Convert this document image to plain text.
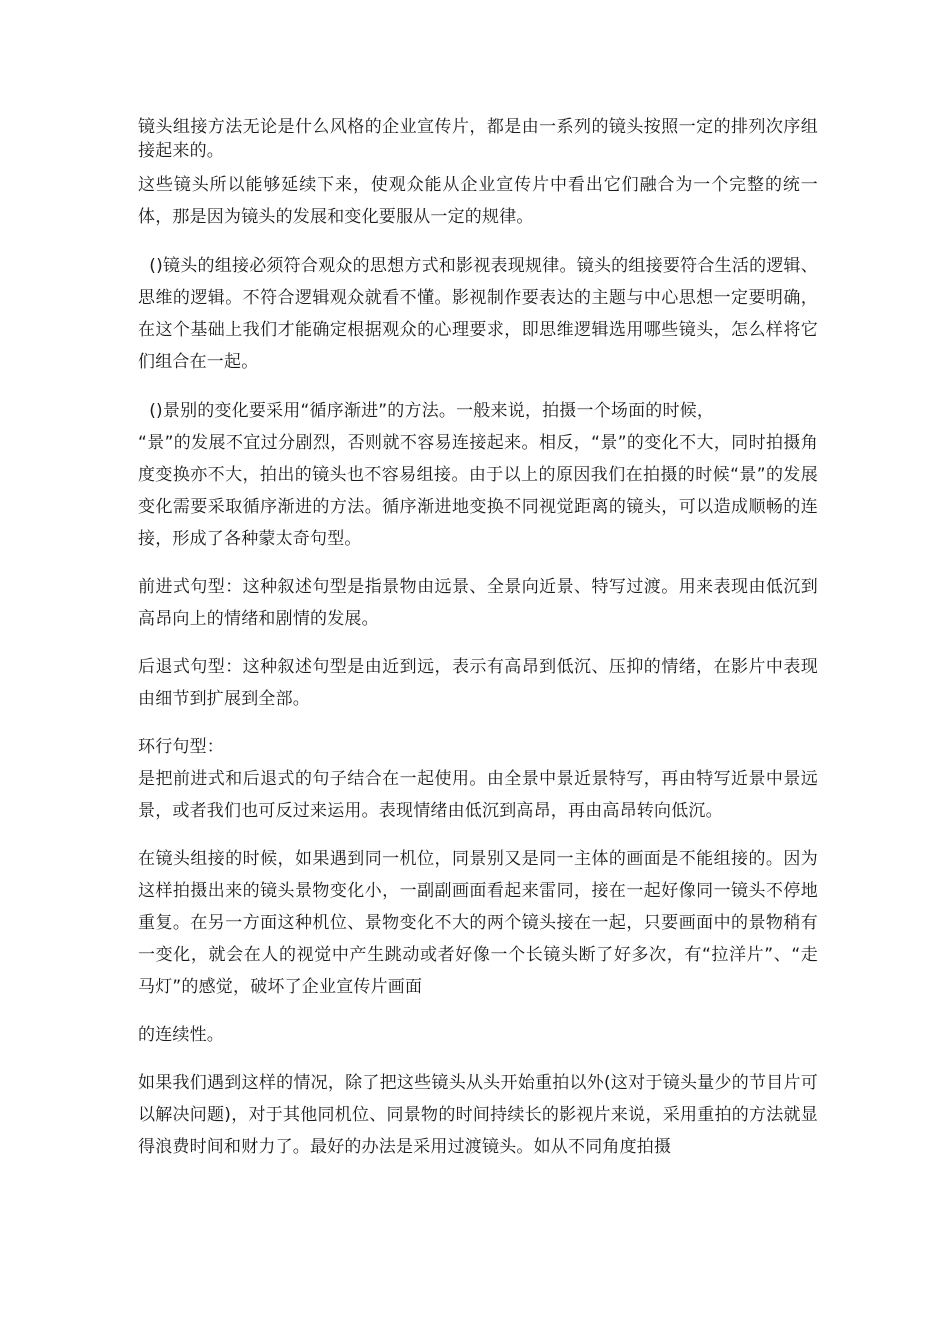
镜头组接方法无论是什么风格的企业宣传片，都是由一系列的镜头按照一定的排列次序组接起来的。

这些镜头所以能够延续下来，使观众能从企业宣传片中看出它们融合为一个完整的统一体，那是因为镜头的发展和变化要服从一定的规律。

()镜头的组接必须符合观众的思想方式和影视表现规律。镜头的组接要符合生活的逻辑、思维的逻辑。不符合逻辑观众就看不懂。影视制作要表达的主题与中心思想一定要明确，在这个基础上我们才能确定根据观众的心理要求，即思维逻辑选用哪些镜头，怎么样将它们组合在一起。

()景别的变化要采用“循序渐进”的方法。一般来说，拍摄一个场面的时候，
“景”的发展不宜过分剧烈，否则就不容易连接起来。相反，“景”的变化不大，同时拍摄角度变换亦不大，拍出的镜头也不容易组接。由于以上的原因我们在拍摄的时候“景”的发展变化需要采取循序渐进的方法。循序渐进地变换不同视觉距离的镜头，可以造成顺畅的连接，形成了各种蒙太奇句型。

前进式句型：这种叙述句型是指景物由远景、全景向近景、特写过渡。用来表现由低沉到高昂向上的情绪和剧情的发展。

后退式句型：这种叙述句型是由近到远，表示有高昂到低沉、压抑的情绪，在影片中表现由细节到扩展到全部。

环行句型：

是把前进式和后退式的句子结合在一起使用。由全景中景近景特写，再由特写近景中景远景，或者我们也可反过来运用。表现情绪由低沉到高昂，再由高昂转向低沉。

在镜头组接的时候，如果遇到同一机位，同景别又是同一主体的画面是不能组接的。因为这样拍摄出来的镜头景物变化小，一副副画面看起来雷同，接在一起好像同一镜头不停地重复。在另一方面这种机位、景物变化不大的两个镜头接在一起，只要画面中的景物稍有一变化，就会在人的视觉中产生跳动或者好像一个长镜头断了好多次，有“拉洋片”、“走马灯”的感觉，破坏了企业宣传片画面

的连续性。

如果我们遇到这样的情况，除了把这些镜头从头开始重拍以外(这对于镜头量少的节目片可以解决问题)，对于其他同机位、同景物的时间持续长的影视片来说，采用重拍的方法就显得浪费时间和财力了。最好的办法是采用过渡镜头。如从不同角度拍摄
